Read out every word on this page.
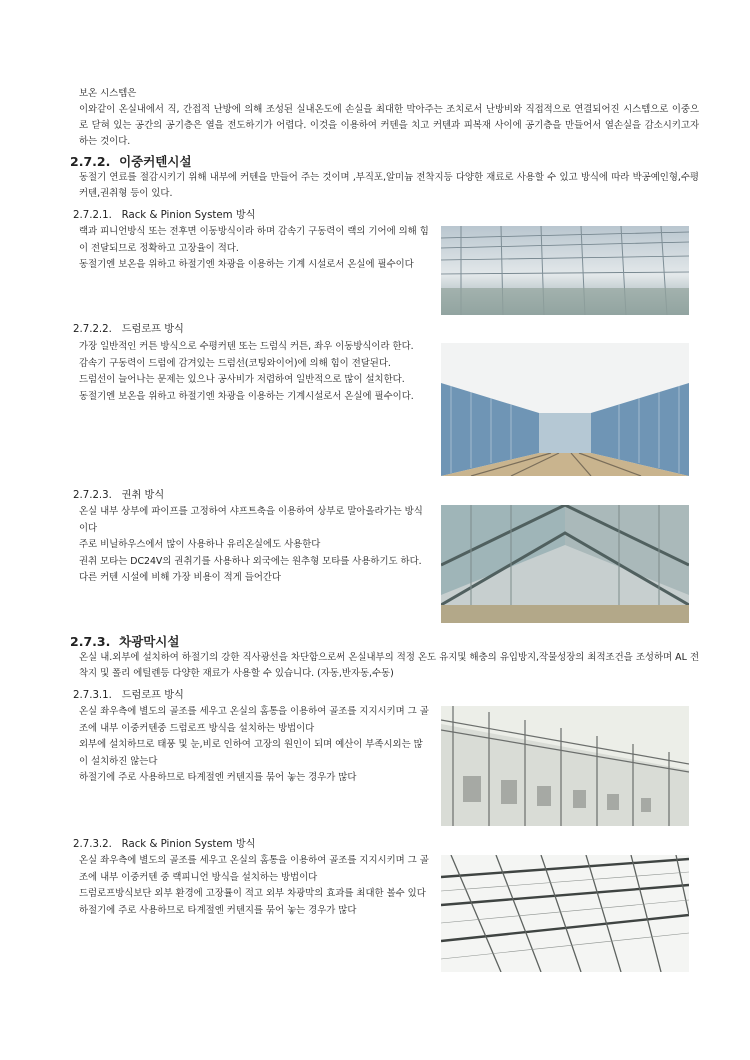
보온 시스템은

이와같이 온실내에서 직, 간접적 난방에 의해 조성된 실내온도에 손실을 최대한 막아주는 조치로서 난방비와 직접적으로 연결되어진 시스템으로 이중으로 닫혀 있는 공간의 공기층은 열을 전도하기가 어렵다. 이것을 이용하여 커텐을 치고 커텐과 피복재 사이에 공기층을 만들어서 열손실을 감소시키고자 하는 것이다.

2.7.2. 이중커텐시설

동절기 연료를 절감시키기 위해 내부에 커텐을 만들어 주는 것이며 ,부직포,알미늄 전착지등 다양한 재료로 사용할 수 있고 방식에 따라 박공예인형,수평커텐,권취형 등이 있다.

2.7.2.1. Rack & Pinion System 방식

랙과 피니언방식 또는 전후면 이동방식이라 하며 감속기 구동력이 랙의 기어에 의해 힘이 전달되므로 정확하고 고장율이 적다.

동절기엔 보온을 위하고 하절기엔 차광을 이용하는 기계 시설로서 온실에 필수이다

2.7.2.2. 드럼로프 방식

가장 일반적인 커튼 방식으로 수평커텐 또는 드럼식 커튼, 좌우 이동방식이라 한다.

감속기 구동력이 드럼에 감겨있는 드럼선(코팅와이어)에 의해 힘이 전달된다.

드럼선이 늘어나는 문제는 있으나 공사비가 저렴하여 일반적으로 많이 설치한다.

동절기엔 보온을 위하고 하절기엔 차광을 이용하는 기계시설로서 온실에 필수이다.

2.7.2.3. 권취 방식

온실 내부 상부에 파이프를 고정하여 샤프트축을 이용하여 상부로 말아올라가는 방식이다

주로 비닐하우스에서 많이 사용하나 유리온실에도 사용한다

권취 모타는 DC24V의 권취기를 사용하나 외국에는 원추형 모타를 사용하기도 하다. 다른 커텐 시설에 비해 가장 비용이 적게 들어간다

2.7.3. 차광막시설

온실 내.외부에 설치하여 하절기의 강한 직사광선을 차단함으로써 온실내부의 적정 온도 유지및 해충의 유입방지,작물성장의 최적조건을 조성하며 AL 전착지 및 폴리 에틸렌등 다양한 재료가 사용할 수 있습니다. (자동,반자동,수동)

2.7.3.1. 드럼로프 방식

온실 좌우측에 별도의 골조를 세우고 온실의 홈통을 이용하여 골조를 지지시키며 그 골조에 내부 이중커텐중 드럼로프 방식을 설치하는 방법이다

외부에 설치하므로 태풍 및 눈,비로 인하여 고장의 원인이 되며 예산이 부족시외는 많이 설치하진 않는다

하절기에 주로 사용하므로 타계절엔 커텐지를 묶어 놓는 경우가 많다

2.7.3.2. Rack & Pinion System 방식

온실 좌우측에 별도의 골조를 세우고 온실의 홈통을 이용하여 골조를 지지시키며 그 골조에 내부 이중커텐 중 랙피니언 방식을 설치하는 방법이다

드럼로프방식보단 외부 환경에 고장률이 적고 외부 차광막의 효과를 최대한 볼수 있다

하절기에 주로 사용하므로 타계절엔 커텐지를 묶어 놓는 경우가 많다
